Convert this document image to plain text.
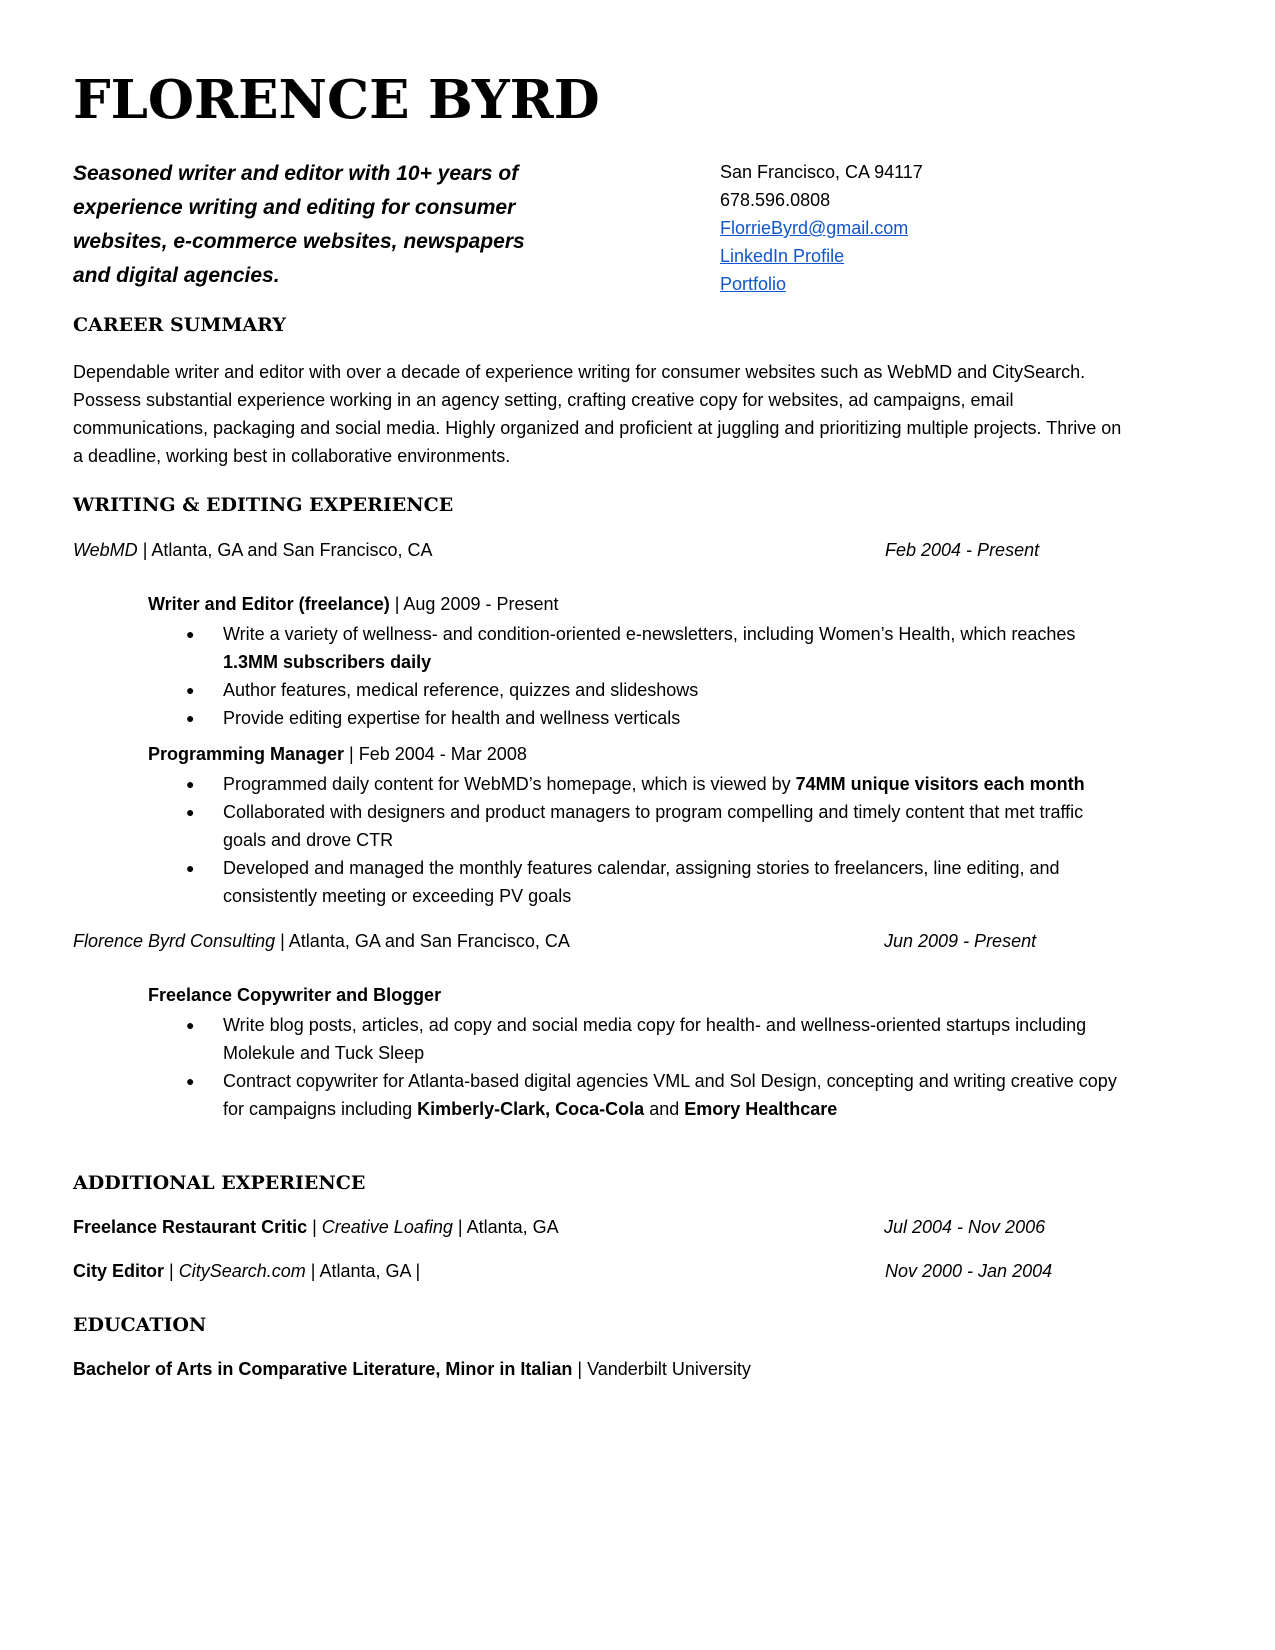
FLORENCE BYRD
Seasoned writer and editor with 10+ years of
experience writing and editing for consumer
websites, e-commerce websites, newspapers
and digital agencies.
San Francisco, CA 94117
678.596.0808
FlorrieByrd@gmail.com
LinkedIn Profile
Portfolio
CAREER SUMMARY
Dependable writer and editor with over a decade of experience writing for consumer websites such as WebMD and CitySearch.
Possess substantial experience working in an agency setting, crafting creative copy for websites, ad campaigns, email
communications, packaging and social media. Highly organized and proficient at juggling and prioritizing multiple projects. Thrive on
a deadline, working best in collaborative environments.
WRITING & EDITING EXPERIENCE
WebMD | Atlanta, GA and San Francisco, CA	Feb 2004 - Present
Writer and Editor (freelance) | Aug 2009 - Present
● Write a variety of wellness- and condition-oriented e-newsletters, including Women’s Health, which reaches
1.3MM subscribers daily
● Author features, medical reference, quizzes and slideshows
● Provide editing expertise for health and wellness verticals
Programming Manager | Feb 2004 - Mar 2008
● Programmed daily content for WebMD’s homepage, which is viewed by 74MM unique visitors each month
● Collaborated with designers and product managers to program compelling and timely content that met traffic
goals and drove CTR
● Developed and managed the monthly features calendar, assigning stories to freelancers, line editing, and
consistently meeting or exceeding PV goals
Florence Byrd Consulting | Atlanta, GA and San Francisco, CA	Jun 2009 - Present
Freelance Copywriter and Blogger
● Write blog posts, articles, ad copy and social media copy for health- and wellness-oriented startups including
Molekule and Tuck Sleep
● Contract copywriter for Atlanta-based digital agencies VML and Sol Design, concepting and writing creative copy
for campaigns including Kimberly-Clark, Coca-Cola and Emory Healthcare
ADDITIONAL EXPERIENCE
Freelance Restaurant Critic | Creative Loafing | Atlanta, GA	Jul 2004 - Nov 2006
City Editor | CitySearch.com | Atlanta, GA |	Nov 2000 - Jan 2004
EDUCATION
Bachelor of Arts in Comparative Literature, Minor in Italian | Vanderbilt University
